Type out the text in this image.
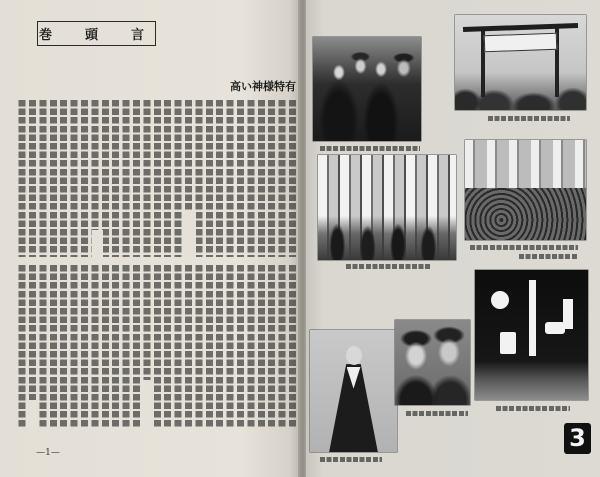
巻　頭　言
高い神様特有
—1—
3
